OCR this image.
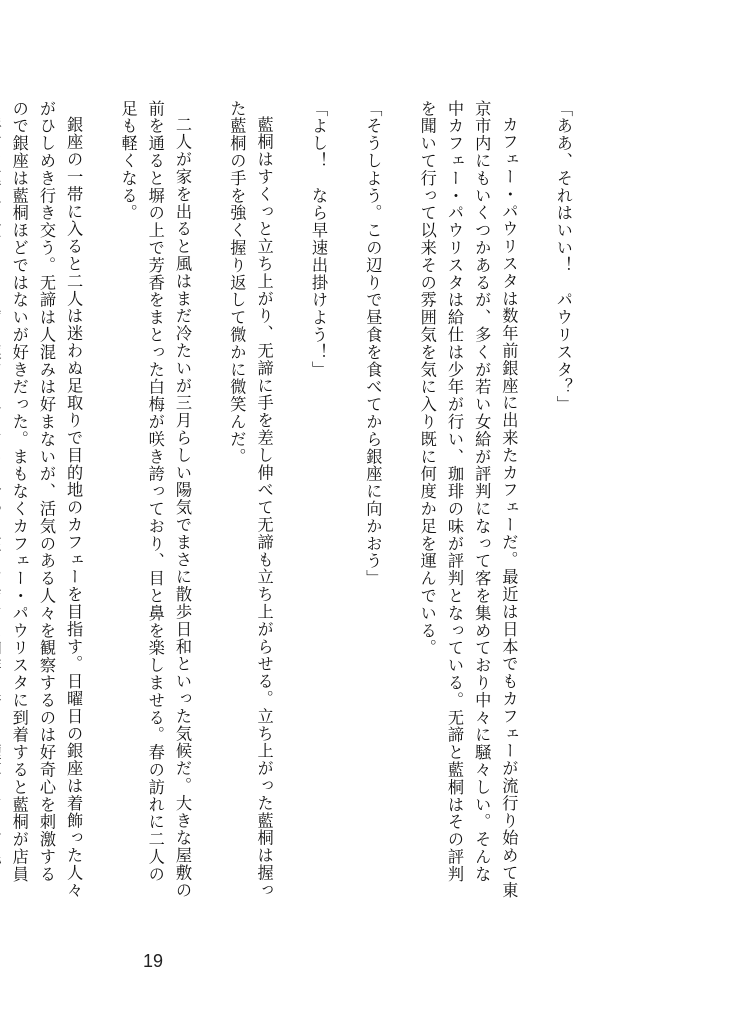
「ああ、それはいい！　パウリスタ？」

カフェー・パウリスタは数年前銀座に出来たカフェーだ。最近は日本でもカフェーが流行り始めて東京市内にもいくつかあるが、多くが若い女給が評判になって客を集めており中々に騒々しい。そんな中カフェー・パウリスタは給仕は少年が行い、珈琲の味が評判となっている。无諦と藍桐はその評判を聞いて行って以来その雰囲気を気に入り既に何度か足を運んでいる。

「そうしよう。この辺りで昼食を食べてから銀座に向かおう」

「よし！　なら早速出掛けよう！」

藍桐はすくっと立ち上がり、无諦に手を差し伸べて无諦も立ち上がらせる。立ち上がった藍桐は握った藍桐の手を強く握り返して微かに微笑んだ。

二人が家を出ると風はまだ冷たいが三月らしい陽気でまさに散歩日和といった気候だ。大きな屋敷の前を通ると塀の上で芳香をまとった白梅が咲き誇っており、目と鼻を楽しませる。春の訪れに二人の足も軽くなる。

銀座の一帯に入ると二人は迷わぬ足取りで目的地のカフェーを目指す。日曜日の銀座は着飾った人々がひしめき行き交う。无諦は人混みは好まないが、活気のある人々を観察するのは好奇心を刺激するので銀座は藍桐ほどではないが好きだった。まもなくカフェー・パウリスタに到着すると藍桐が店員

19
